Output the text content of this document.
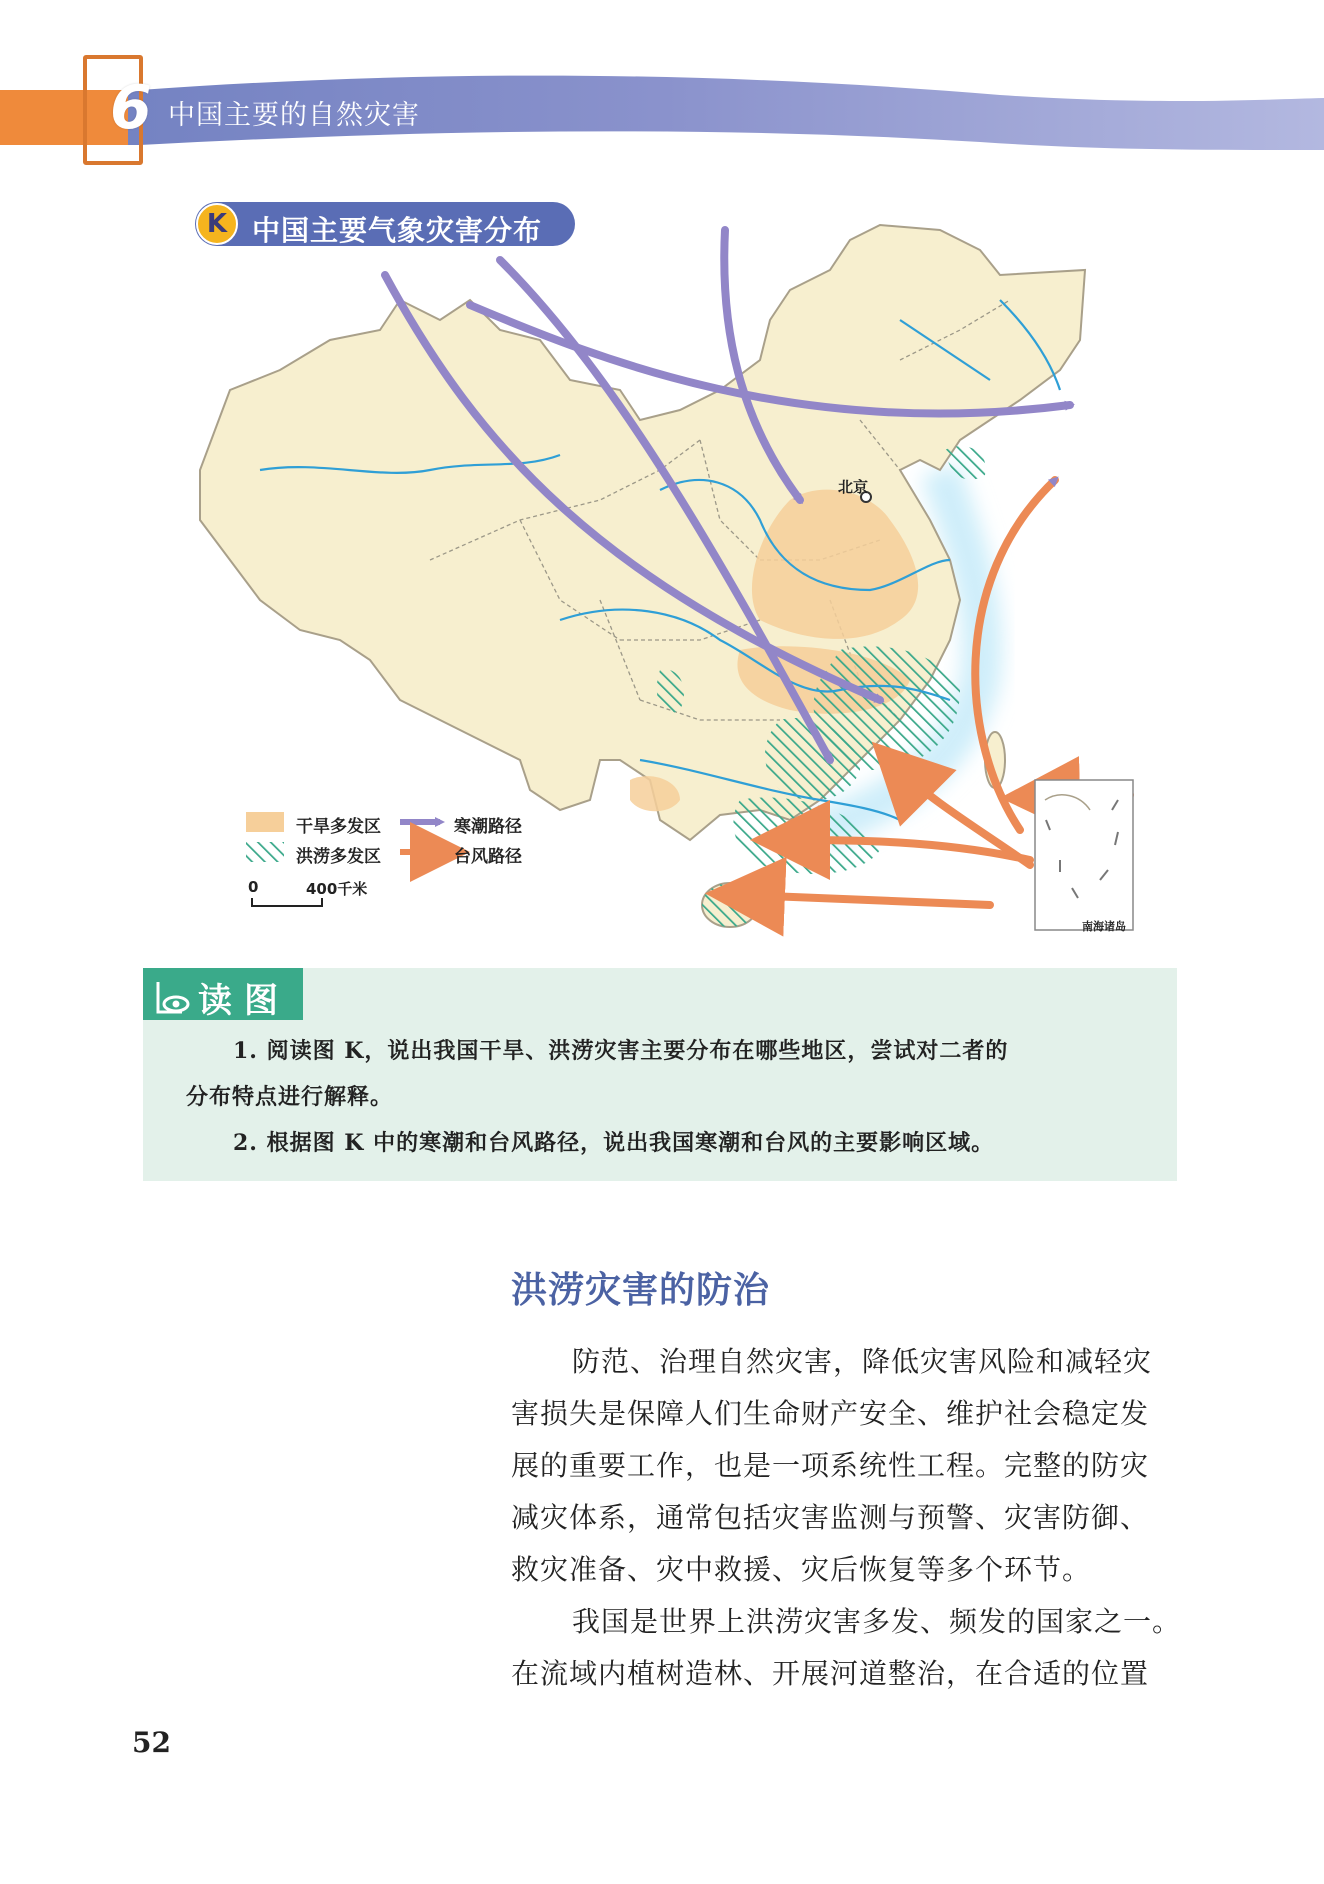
6 中国主要的自然灾害
K 中国主要气象灾害分布
北京
南海诸岛
干旱多发区
洪涝多发区
寒潮路径
台风路径
0	400千米
读图
1. 阅读图 K，说出我国干旱、洪涝灾害主要分布在哪些地区，尝试对二者的
分布特点进行解释。
2. 根据图 K 中的寒潮和台风路径，说出我国寒潮和台风的主要影响区域。
洪涝灾害的防治
防范、治理自然灾害，降低灾害风险和减轻灾
害损失是保障人们生命财产安全、维护社会稳定发
展的重要工作，也是一项系统性工程。完整的防灾
减灾体系，通常包括灾害监测与预警、灾害防御、
救灾准备、灾中救援、灾后恢复等多个环节。
我国是世界上洪涝灾害多发、频发的国家之一。
在流域内植树造林、开展河道整治，在合适的位置
52
